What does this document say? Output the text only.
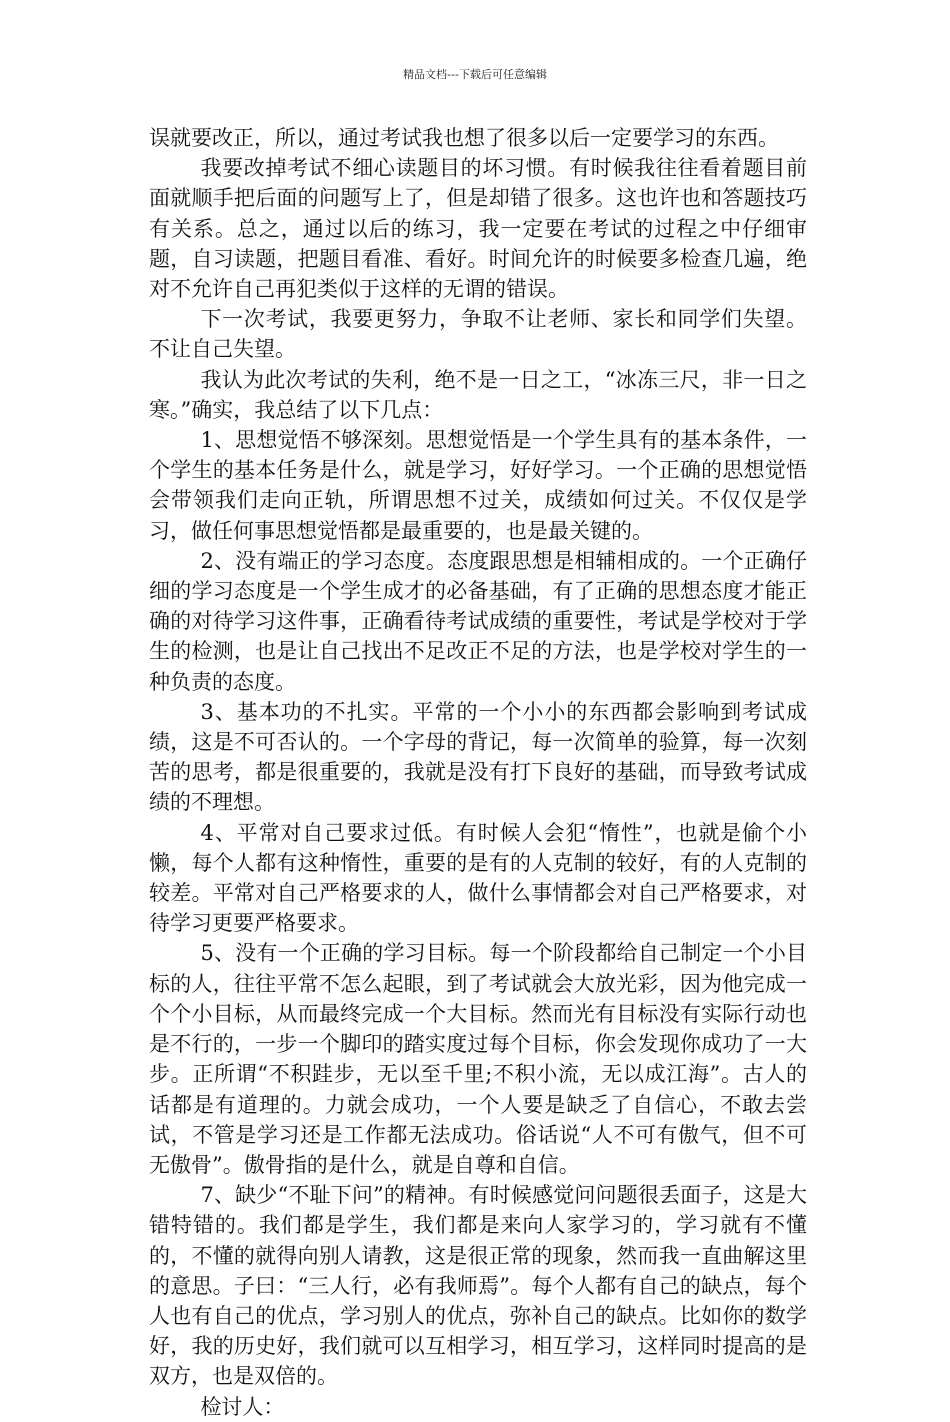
精品文档---下载后可任意编辑

误就要改正，所以，通过考试我也想了很多以后一定要学习的东西。

我要改掉考试不细心读题目的坏习惯。有时候我往往看着题目前面就顺手把后面的问题写上了，但是却错了很多。这也许也和答题技巧有关系。总之，通过以后的练习，我一定要在考试的过程之中仔细审题，自习读题，把题目看准、看好。时间允许的时候要多检查几遍，绝对不允许自己再犯类似于这样的无谓的错误。

下一次考试，我要更努力，争取不让老师、家长和同学们失望。不让自己失望。

我认为此次考试的失利，绝不是一日之工，“冰冻三尺，非一日之寒。”确实，我总结了以下几点：

1、思想觉悟不够深刻。思想觉悟是一个学生具有的基本条件，一个学生的基本任务是什么，就是学习，好好学习。一个正确的思想觉悟会带领我们走向正轨，所谓思想不过关，成绩如何过关。不仅仅是学习，做任何事思想觉悟都是最重要的，也是最关键的。

2、没有端正的学习态度。态度跟思想是相辅相成的。一个正确仔细的学习态度是一个学生成才的必备基础，有了正确的思想态度才能正确的对待学习这件事，正确看待考试成绩的重要性，考试是学校对于学生的检测，也是让自己找出不足改正不足的方法，也是学校对学生的一种负责的态度。

3、基本功的不扎实。平常的一个小小的东西都会影响到考试成绩，这是不可否认的。一个字母的背记，每一次简单的验算，每一次刻苦的思考，都是很重要的，我就是没有打下良好的基础，而导致考试成绩的不理想。

4、平常对自己要求过低。有时候人会犯“惰性”，也就是偷个小懒，每个人都有这种惰性，重要的是有的人克制的较好，有的人克制的较差。平常对自己严格要求的人，做什么事情都会对自己严格要求，对待学习更要严格要求。

5、没有一个正确的学习目标。每一个阶段都给自己制定一个小目标的人，往往平常不怎么起眼，到了考试就会大放光彩，因为他完成一个个小目标，从而最终完成一个大目标。然而光有目标没有实际行动也是不行的，一步一个脚印的踏实度过每个目标，你会发现你成功了一大步。正所谓“不积跬步，无以至千里;不积小流，无以成江海”。古人的话都是有道理的。力就会成功，一个人要是缺乏了自信心，不敢去尝试，不管是学习还是工作都无法成功。俗话说“人不可有傲气，但不可无傲骨”。傲骨指的是什么，就是自尊和自信。

7、缺少“不耻下问”的精神。有时候感觉问问题很丢面子，这是大错特错的。我们都是学生，我们都是来向人家学习的，学习就有不懂的，不懂的就得向别人请教，这是很正常的现象，然而我一直曲解这里的意思。子曰：“三人行，必有我师焉”。每个人都有自己的缺点，每个人也有自己的优点，学习别人的优点，弥补自己的缺点。比如你的数学好，我的历史好，我们就可以互相学习，相互学习，这样同时提高的是双方，也是双倍的。

检讨人：
